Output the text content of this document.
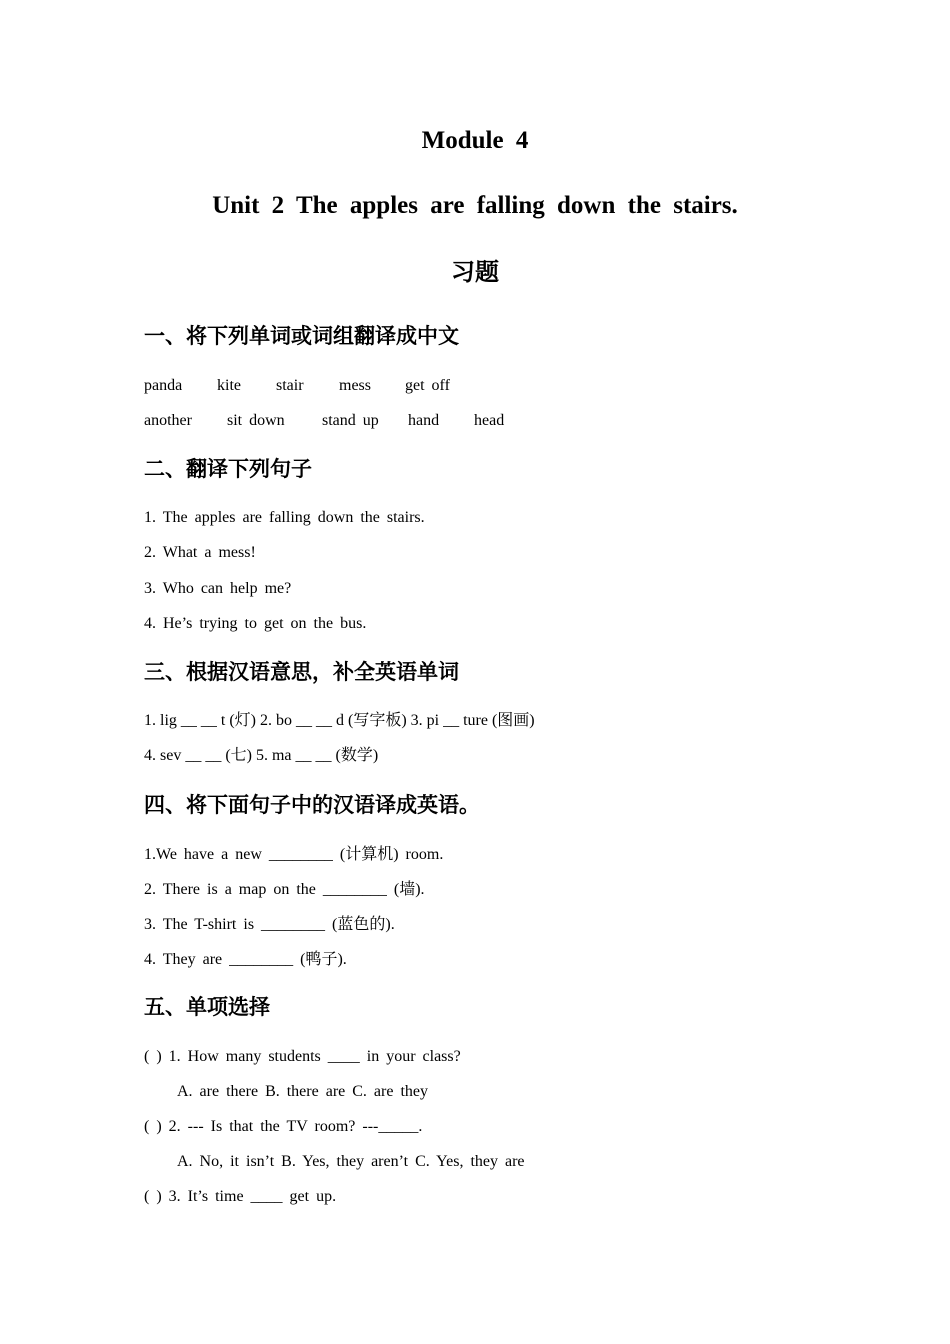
Module 4
Unit 2 The apples are falling down the stairs.
习题
一、将下列单词或词组翻译成中文
panda kite stair mess get off
another sit down stand up hand head
二、翻译下列句子
1. The apples are falling down the stairs.
2. What a mess!
3. Who can help me?
4. He’s trying to get on the bus.
三、根据汉语意思，补全英语单词
1. lig __ __ t (灯) 2. bo __ __ d (写字板) 3. pi __ ture (图画)
4. sev __ __ (七) 5. ma __ __ (数学)
四、将下面句子中的汉语译成英语。
1.We have a new ________ (计算机) room.
2. There is a map on the ________ (墙).
3. The T-shirt is ________ (蓝色的).
4. They are ________ (鸭子).
五、单项选择
( ) 1. How many students ____ in your class?
A. are there B. there are C. are they
( ) 2. --- Is that the TV room? ---_____.
A. No, it isn’t B. Yes, they aren’t C. Yes, they are
( ) 3. It’s time ____ get up.
